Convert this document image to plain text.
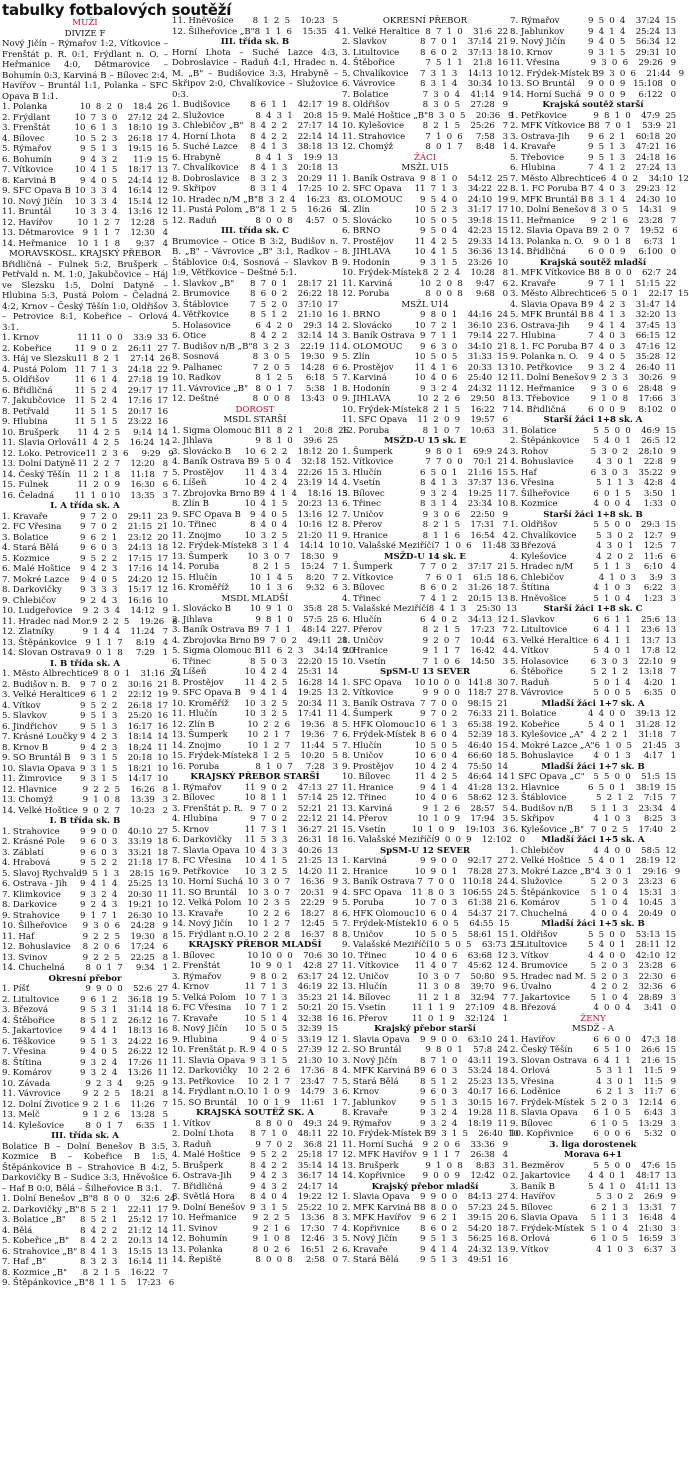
tabulky fotbalových soutěží
MUŽI
DIVIZE F
Nový Jičín – Rýmařov 1:2, Vítkovice – Frenštát p. R. 0:1, Frýdlant n. O. – Heřmanice 4:0, Dětmarovice – Bohumín 0:3, Karviná B – Bílovec 2:4, Havířov – Bruntál 1:1, Polanka – SFC Opava B 1:1.
1. Polanka	10  8  2  0    18:4  26
2. Frýdlant	10  7  3  0    27:12  24
3. Frenštát	10  6  1  3    18:10  19
4. Bílovec	10  5  2  3    26:18  17
5. Rýmařov	9  5  1  3    19:15  16
6. Bohumín	9  4  3  2      11:9  15
7. Vítkovice	10  4  1  5    18:17  13
8. Karviná B	9  4  0  5    24:14  12
9. SFC Opava B 10  3  3  4    16:14  12
10. Nový Jičín	10  3  3  4    15:14  12
11. Bruntál	10  3  3  4    13:16  12
12. Havířov	10  1  2  7    12:28   5
13. Dětmarovice	9  1  1  7    12:30   4
14. Heřmanice	10  1  1  8      9:37   4
MORAVSKOSL. KRAJSKÝ PŘEBOR
Břidličná – Fulnek 5:2, Brušperk – Petřvald n. M. 1:0, Jakubčovice – Háj ve Slezsku 1:5, Dolní Datyně – Hlubina 5:3, Pustá Polom – Čeladná 4:2, Krnov – Český Těšín 1:0, Oldřišov – Petrovice 8:1, Kobeřice – Orlová 3:1.
1. Krnov	11 11  0  0    33:9  33
2. Kobeřice	11  9  0  2    26:11  27
3. Háj ve Slezsku 11  8  2  1    27:14  26
4. Pustá Polom 11  7  1  3    24:18  22
5. Oldřišov	11  6  1  4    27:18  19
6. Břidličná	11  5  2  4    29:17  17
7. Jakubčovice	11  5  2  4    17:16  17
8. Petřvald	11  5  1  5    20:17  16
9. Hlubina	11  5  1  5    23:22  16
10. Brušperk	11  4  2  5     9:14  14
11. Slavia Orlová 11  4  2  5    16:24  14
12. Loko. Petrovice 11  2  3  6     9:29   9
13. Dolní Datyně 11  2  2  7    12:20   8
14. Český Těšín 11  2  1  8    11:18   7
15. Fulnek	11  2  0  9    16:30   6
16. Čeladná	11  1  0 10    13:35   3
I. A třída sk. A
1. Kravaře	9  7  2  0    29:11  23
2. FC Vřesina	9  7  0  2    21:15  21
3. Bolatice	9  6  2  1    23:12  20
4. Stará Bělá	9  6  0  3    24:13  18
5. Kozmice	9  5  2  2    17:15  17
6. Malé Hoštice	9  4  2  3    17:16  14
7. Mokré Lazce	9  4  0  5    24:20  12
8. Darkovičky	9  3  3  3    15:17  12
9. Chlebičov	9  2  4  3    16:16  10
10. Ludgeřovice	9  2  3  4    14:12   9
11. Hradec nad Mor. 9  2  2  5    19:26   8
12. Zlatníky	9  1  4  4    11:24   7
13. Štěpánkovice 9  1  1  7     8:19   4
14. Slovan Ostrava 9  0  1  8     7:29   1
I. B třída sk. A
1. Město Albrechtice 9  8  0  1    31:16  24
2. Budišov n. B.	9  7  0  2    30:16  21
3. Velké Heraltice 9  6  1  2    22:12  19
4. Vítkov	9  5  2  2    26:18  17
5. Slavkov	9  5  1  3    25:20  16
6. Jindřichov	9  5  1  3    16:17  16
7. Krásné Loučky 9  4  2  3    18:14  14
8. Krnov B	9  4  2  3    18:24  11
9. SO Bruntál B	9  3  1  5    20:18  10
10. Slavia Opava 9  3  1  5    18:21  10
11. Žimrovice	9  3  1  5    14:17  10
12. Hlavnice	9  2  2  5    16:26   8
13. Chomýž	9  1  0  8    13:39   3
14. Velké Hoštice 9  0  2  7    10:23   2
I. B třída sk. B
1. Strahovice	9  9  0  0    40:10  27
2. Krásné Pole	9  6  0  3    33:19  18
3. Záblatí	9  6  0  3    33:21  18
4. Hrabová	9  5  2  2    21:18  17
5. Slavoj Rychvald 9  5  1  3    28:15  16
6. Ostrava - Jih	9  4  1  4    25:25  13
7. Klimkovice	9  3  2  4    20:30  11
8. Darkovice	9  2  4  3    19:21  10
9. Strahovice	9  1  7  1    26:30  10
10. Šilheřovice	9  3  0  6    24:28   9
11. Haf	9  2  2  5    19:30   8
12. Bohuslavice	8  2  0  6    17:24   6
13. Svinov	9  2  2  5    22:25   8
14. Chuchelná	8  0  1  7     9:34   1
Okresní přebor
1. Píšť	9  9  0  0    52:6  27
2. Litultovice	9  6  1  2    36:18  19
3. Březová	9  5  3  1    31:14  18
4. Štěbořice	8  5  1  2    26:12  16
5. Jakartovice	9  4  4  1    18:13  16
6. Těškovice	9  5  1  3    24:22  16
7. Vřesina	9  4  0  5    26:22  12
8. Štítina	9  3  2  4    17:26  11
9. Komárov	9  3  2  4    13:26  11
10. Závada	9  2  3  4     9:25   9
11. Vávrovice	9  2  2  5    18:21   8
12. Dolní Životice 9  2  1  6    11:26   7
13. Melč	9  1  2  6    13:28   5
14. Kylešovice	8  0  1  7     6:35   1
III. třída sk. A
Bolatice B – Dolní Benešov B 3:5, Kozmice B – Kobeřice B 1:5, Štěpánkovice B – Strahovice B 4:2, Darkovičky B – Sudice 3:3, Hněvošice – Haf B 0:0, Bělá – Šilheřovice B 3:1.
1. Dolní Benešov „B" 8  8  0  0    32:6  24
2. Darkovičky „B" 8  5  2  1    22:11  17
3. Bolatice „B"	8  5  2  1    25:12  17
4. Bělá	8  4  2  2    21:12  14
5. Kobeřice „B"	8  4  2  2    20:13  14
6. Strahovice „B" 8  4  1  3    15:15  13
7. Haf „B"	8  3  2  3    16:14  11
8. Kozmice „B"	8  2  1  5    16:22   7
9. Štěpánkovice „B" 8  1  1  5    17:23   6
11. Hněvošice	8  1  2  5    10:23   5
12. Šilheřovice „B" 8  1  1  6    15:35   4
III. třída sk. B
Horní Lhota – Suché Lazce 4:3, Dobroslavice – Raduň 4:1, Hradec n. M. „B" – Budišovice 3:3, Hrabyně – Skřipov 2:0, Chvalíkovice – Služovice 0:3.
1. Budišovice	8  6  1  1    42:17  19
2. Služovice	8  4  3  1    20:8  15
3. Chlebičov „B" 8  4  2  2    27:17  14
4. Horní Lhota	8  4  2  2    22:14  14
5. Suché Lazce	8  4  1  3    38:18  13
6. Hrabyně	8  4  1  3    19:9  13
7. Chvalíkovice	8  4  1  3    20:18  13
8. Dobroslavice	8  3  2  3    20:29  11
9. Skřipov	8  3  1  4    17:25  10
10. Hradec n/M „B" 8  3  2  4    16:23   8
11. Pustá Polom „B" 8  1  2  5    16:26   5
12. Raduň	8  0  0  8     4:57   0
III. třída sk. C
Brumovice – Otice B 3:2, Budišov n. B. „B" – Vávrovice „B" 3:1, Radkov – Štáblovice 0:4, Sosnová – Slavkov B 1:9, Větřkovice – Deštné 5:1.
1. Slavkov „B"	8  7  0  1    28:17  21
2. Brumovice	8  6  0  2    26:22  18
3. Štáblovice	7  5  2  0    37:10  17
4. Větřkovice	8  5  1  2    21:10  16
5. Holasovice	6  4  2  0    29:3  14
6. Otice	8  4  2  2    32:14  14
7. Budišov n/B „B" 8  3  2  3    22:19  11
8. Sosnová	8  3  0  5    19:30   9
9. Palhanec	7  2  0  5    14:28   6
10. Radkov	8  1  2  5     6:18   5
11. Vávrovice „B" 8  0  1  7     5:38   1
12. Deštné	8  0  0  8    13:43   0
DOROST
MSDL STARŠÍ
1. Sigma Olomouc B 11  8  2  1    20:8  26
2. Jihlava	9  8  1  0    39:6  25
3. Slovácko B	10  6  2  2    18:12  20
4. Baník Ostrava B 9  5  0  4    32:18  15
5. Prostějov	11  4  3  4    22:26  15
6. Líšeň	10  4  2  4    23:19  14
7. Zbrojovka Brno B 9  4  1  4    18:16  13
8. Zlín B	10  4  1  5    20:23  13
9. SFC Opava B	9  4  0  5    13:16  12
10. Třinec	8  4  0  4    10:16  12
11. Znojmo	10  3  2  5    21:20  11
12. Frýdek-Místek 8  3  1  4    14:14  10
13. Šumperk	10  3  0  7    18:30   9
14. Poruba	8  2  1  5    15:24   7
15. Hlučín	10  1  4  5     8:20   7
16. Kroměříž	10  1  3  6     9:32   6
MSDL MLADŠÍ
1. Slovácko B	10  9  1  0    35:8  28
2. Jihlava	9  8  1  0    57:5  25
3. Baník Ostrava B 9  7  1  1    48:14  22
4. Zbrojovka Brno B 9  7  0  2    49:11  21
5. Sigma Olomouc B 11  6  2  3    34:14  20
6. Třinec	8  5  0  3    22:20  15
7. Líšeň	10  4  2  4    25:31  14
8. Prostějov	11  4  2  5    16:28  14
9. SFC Opava B	9  4  1  4    19:25  13
10. Kroměříž	10  3  2  5    20:34  11
11. Hlučín	10  3  2  5    17:41  11
12. Zlín B	10  2  2  6    19:36   8
13. Šumperk	10  2  1  7    19:36   7
14. Znojmo	10  1  2  7    11:44   5
15. Frýdek-Místek 8  1  2  5    10:20   5
16. Poruba	8  1  0  7     7:28   3
KRAJSKÝ PŘEBOR STARŠÍ
1. Rýmařov	11  9  0  2    47:13  27
2. Bílovec	10  8  1  1    57:14  25
3. Frenštát p. R. 9  7  0  2    52:21  21
4. Hlubina	9  7  0  2    22:12  21
5. Krnov	11  7  3  1    36:27  21
6. Darkovičky	11  5  3  3    26:31  18
7. Slavia Opava 10  4  3  3    40:26  13
8. FC Vřesina	10  4  1  5    21:25  13
9. Petřkovice	10  3  2  5    14:20  11
10. Horní Suchá 10  3  0  7    16:36   9
11. SO Bruntál	10  3  0  7    20:31   9
12. Velká Polom 10  2  3  5    22:29   9
13. Kravaře	10  2  2  6    18:27   8
14. Nový Jičín	10  1  2  7    12:45   5
15. Frýdlant n.O. 10  2  2  8    16:37   8
KRAJSKÝ PŘEBOR MLADŠÍ
1. Bílovec	10 10  0  0    70:6  30
2. Frenštát	10  9  0  1    42:8  27
3. Rýmařov	9  8  0  2    63:17  24
4. Krnov	11  7  1  3    46:19  22
5. Velká Polom	10  7  1  3    35:23  21
6. FC Vřesina	10  7  1  2    50:21  20
7. Kravaře	10  5  1  4    32:38  16
8. Nový Jičín	10  5  0  5    32:39  15
9. Hlubina	9  4  0  5    33:19  12
10. Frenštát p. R. 9  4  0  5    27:39  12
11. Slavia Opava 9  3  1  5    21:30  10
12. Darkovičky	10  2  2  6    17:36   8
13. Petřkovice	10  2  1  7    23:47   7
14. Frýdlant n.O. 10  1  0  9    14:79   3
15. SO Bruntál	10  0  1  9    11:61   1
KRAJSKÁ SOUTĚŽ SK. A
1. Vítkov	8  8  0  0    49:3  24
2. Dolní Lhota	8  7  1  0    48:11  22
3. Raduň	9  7  0  2    36:8  21
4. Malé Hoštice	9  5  2  2    25:18  17
5. Brušperk	8  4  2  2    35:14  14
6. Ostrava-Jih	9  4  2  3    36:17  14
7. Břidličná	9  4  3  2    24:17  14
8. Světlá Hora	8  4  0  4    19:22  12
9. Dolní Benešov 9  3  1  5    25:22  10
10. Heřmanice	9  2  2  5    13:36   8
11. Svinov	9  2  1  6    17:30   7
12. Bohumín	9  1  0  8    12:46   3
13. Polanka	8  0  2  6    16:51   2
14. Řepiště	8  0  0  8     2:58   0
OKRESNÍ PŘEBOR
1. Velké Heraltice 8  7  1  0    31:6  22
2. Slavkov	8  7  0  1    37:14  21
3. Litultovice	8  6  0  2    37:13  18
4. Štěbořice	7  5  1  1    21:8  16
5. Chvalíkovice	7  3  1  3    14:13  10
6. Vávrovice	8  3  1  4    30:34  10
7. Bolatice	7  3  0  4    41:14   9
8. Oldřišov	8  3  0  5    27:28   9
9. Malé Hoštice „B" 8  3  0  5    20:36   9
10. Kylešovice	8  2  1  5    25:26   7
11. Strahovice	7  1  0  6     7:58   3
12. Chomýž	8  0  1  7     8:48   1
ŽÁCI
MSŽL U15
1. Baník Ostrava 9  8  1  0    54:12  25
2. SFC Opava	11  7  1  3    34:22  22
3. OLOMOUC	9  5  4  0    24:10  19
4. Zlín	10  5  2  3    31:17  17
5. Slovácko	10  5  0  5    39:18  15
6. BRNO	9  5  0  4    42:23  15
7. Prostějov	11  4  2  5    29:33  14
8. JIHLAVA	10  4  1  5    36:36  13
9. Hodonín	9  3  1  5    23:26  10
10. Frýdek-Místek 8  2  2  4    10:28   8
11. Karviná	10  2  0  8     9:47   6
12. Poruba	8  0  0  8     9:68   0
MSŽL U14
1. BRNO	9  8  0  1    44:16  24
2. Slovácko	10  7  2  1    36:10  23
3. Baník Ostrava 9  7  1  1    79:14  22
4. OLOMOUC	9  6  3  0    34:10  21
5. Zlín	10  5  0  5    31:33  15
6. Prostějov	11  4  1  6    20:33  13
7. Karviná	10  4  0  6    25:40  12
8. Hodonín	9  3  2  4    24:32  11
9. JIHLAVA	10  2  2  6    29:50   8
10. Frýdek-Místek 8  2  1  5    16:22   7
11. SFC Opava	11  2  0  9    19:57   6
12. Poruba	8  1  0  7    10:63   3
MSŽD-U 15 sk. E
1. Šumperk	9  8  0  1    69:9  24
2. Vítkovice	7  7  0  0    70:1  21
3. Hlučín	6  5  0  1    21:16  15
4. Vsetín	8  4  1  3    37:37  13
5. Bílovec	9  3  2  4    19:25  11
6. Třinec	8  3  1  4    23:34  10
7. Uničov	9  3  0  6    22:50   9
8. Přerov	8  2  1  5    17:31   7
9. Hranice	8  1  1  6    16:54   4
10. Valašské Meziříčí 7  1  0  6    11:48   3
MSŽD-U 14 sk. E
1. Šumperk	7  7  0  2    37:17  21
2. Vítkovice	7  6  0  1    61:5  18
3. Bílovec	8  6  0  2    31:26  18
4. Třinec	7  4  1  2    20:15  13
5. Valašské Meziříčí 8  4  1  3    25:30  13
6. Hlučín	6  4  0  2    34:13  12
7. Přerov	8  2  1  5    17:23   7
8. Uničov	9  2  0  7    10:44   6
9. Hranice	9  1  1  7    16:42   4
10. Vsetín	7  1  0  6    14:50   3
SpSM-U 13 SEVER
1. SFC Opava	10 10  0  0   141:8  30
2. Vítkovice	9  9  0  0   118:7  27
3. Baník Ostrava 7  7  0  0    98:15  21
4. Šumperk	9  7  0  2    76:33  21
5. HFK Olomouc 10  6  1  3    65:38  19
6. Frýdek-Místek 8  6  0  4    52:39  18
7. Hlučín	10  5  0  5    46:40  15
8. Uničov	10  6  0  4    66:60  18
9. Prostějov	10  4  2  4    75:50  14
10. Bílovec	11  4  2  5    46:64  14
11. Hranice	9  4  1  4    41:28  13
12. Třinec	10  4  0  6    58:62  12
13. Karviná	9  1  2  6    28:57   5
14. Přerov	10  1  0  9    17:94   3
15. Vsetín	10  1  0  9    19:103   3
16. Valašské Meziříčí 9  0  0  9    12:102   0
SpSM-U 12 SEVER
1. Karviná	9  9  0  0    92:17  27
2. Hranice	10  9  0  1    78:28  27
3. Baník Ostrava 7  7  0  0   110:18  24
4. SFC Opava	11  8  0  3   106:55  24
5. Poruba	10  7  0  3    61:38  21
6. HFK Olomouc 10  6  0  4    54:37  21
7. Frýdek-Místek 10  6  0  5    64:55  15
8. Uničov	10  5  0  5    58:61  15
9. Valašské Meziříčí 10  5  0  5    63:73  15
10. Třinec	10  4  0  6    63:68  12
11. Vítkovice	11  4  0  7    45:62  12
12. Uničov	10  3  0  7    50:80   9
13. Hlučín	11  3  0  8    39:70   9
14. Bílovec	11  2  1  8    32:94   7
15. Vsetín	11  1  1  9    27:109   4
16. Přerov	11  0  1  9    32:124   1
Krajský přebor starší
1. Slavia Opava	9  9  0  0    63:10  24
2. SO Bruntál	9  8  0  1    57:8  24
3. Nový Jičín	8  7  1  0    43:11  19
4. MFK Karviná B 9  6  0  3    53:24  18
5. Stará Bělá	8  5  1  2    25:23  13
6. Krnov	9  6  0  3    40:17  16
7. Jablunkov	9  5  1  3    30:15  16
8. Kravaře	9  3  2  4    19:28  11
9. Rýmařov	9  3  2  4    18:19  11
10. Frýdek-Místek B 9  3  1  5    26:40  10
11. Horní Suchá	9  2  0  6    33:36   9
12. MFK Havířov 9  1  1  7    26:38   4
13. Brušperk	9  1  0  8     8:83   3
14. Kopřivnice	9  0  0  9    12:42   0
Krajský přebor mladší
1. Slavia Opava	9  9  0  0    84:13  27
2. MFK Karviná B 8  8  0  0    57:23  24
3. MFK Havířov	9  6  2  1    39:15  20
4. Kopřivnice	8  6  0  2    54:20  18
5. Nový Jičín	9  5  1  3    56:25  16
6. Kravaře	9  4  1  4    24:32  13
7. Stará Bělá	9  5  1  3    49:51  16
7. Rýmařov	9  5  0  4    37:24  15
8. Jablunkov	9  4  1  4    25:24  13
9. Nový Jičín	9  4  0  5    56:34  12
10. Krnov	9  3  1  5    29:31  10
11. Vřesina	9  3  0  6    29:26   9
12. Frýdek-Místek B 9  3  0  6    21:44   9
13. SO Bruntál	9  0  0  9   15:108   0
14. Horní Suchá 9  0  0  9     6:122   0
Krajská soutěž starší
1. Petřkovice	9  8  1  0    47:9  25
2. MFK Vítkovice B 8  7  0  1    53:9  21
3. Ostrava-Jih	9  6  2  1    60:18  20
4. Kravaře	9  5  1  3    47:21  16
5. Třebovice	9  5  1  3    24:18  16
6. Hlubina	7  4  1  2    27:24  13
7. Město Albrechtice 6  4  0  2    34:10  12
8. 1. FC Poruba B 7  4  0  3    29:23  12
9. MFK Bruntál B 8  3  1  4    24:30  10
10. Dolní Benešov 8  3  0  5    14:31   9
11. Heřmanice	9  2  1  6    23:28   7
12. Slavia Opava B 9  2  0  7    19:52   6
13. Polanka n. O.	9  0  1  8     6:73   1
14. Břidličná	6  0  0  9     6:100   0
Krajská soutěž mladší
1. MFK Vítkovice B 8  8  0  0    62:7  24
2. Kravaře	9  7  1  1    51:15  22
3. Město Albrechtice 6  5  0  1    22:17  15
4. Slavia Opava B 9  4  2  3    31:47  14
5. MFK Bruntál B 8  4  1  3    32:20  13
6. Ostrava-Jih	9  4  1  4    37:45  13
7. Hlubina	7  4  0  3    66:15  12
8. 1. FC Poruba B 7  4  0  3    47:16  12
9. Polanka n. O.	9  4  0  5    35:28  12
10. Petřkovice	9  3  2  4    26:40  11
11. Dolní Benešov 9  2  3  3    30:26   9
12. Heřmanice	9  3  0  6    28:48   9
13. Třebovice	9  1  0  8    17:66   3
14. Břidličná	6  0  0  9     8:102   0
Starší žáci 1+8 sk. A
1. Bolatice	5  5  0  0    46:9  15
2. Štěpánkovice	5  4  0  1    26:5  12
3. Rohov	5  3  0  2    28:10   9
4. Bohuslavice	4  3  0  1    22:8   9
5. Haf	6  3  0  3    35:22   9
6. Vřesina	5  1  1  3    42:8   4
7. Šilheřovice	6  0  1  5     3:50   1
8. Kozmice	4  0  0  4     1:33   0
Starší žáci 1+8 sk. B
1. Oldřišov	5  5  0  0    29:3  15
2. Chvalíkovice	5  3  0  2    12:7   9
3. Březová	4  3  0  1    12:5   7
4. Kylešovice	4  2  0  2    11:6   6
5. Hradec n/M	5  1  1  3     6:10   4
6. Chlebičov	4  1  0  3     3:9   3
7. Štítina	4  1  0  3     6:22   3
8. Hněvošice	5  1  0  4     1:23   3
Starší žáci 1+8 sk. C
1. Slavkov	6  6  1  1    25:6  13
2. Litultovice	6  4  1  1    23:6  13
3. Velké Heraltice 6  4  1  1    13:7  13
4. Vítkov	5  4  0  1    17:8  12
5. Holasovice	6  3  0  3    22:10   9
6. Štěbořice	5  2  1  2    13:18   7
7. Raduň	5  0  1  4     4:20   1
8. Vávrovice	5  0  0  5     6:35   0
Mladší žáci 1+7 sk. A
1. Bolatice	4  4  0  0    39:13  12
2. Kobeřice	5  4  0  1    31:28  12
3. Kylešovice „A" 4  2  2  1    31:18   7
4. Mokré Lazce „A" 6  1  0  5    21:45   3
5. Bohuslavice	4  0  1  3     4:17   1
Mladší žáci 1+7 sk. B
1 SFC Opava „C" 5  5  0  0    51:5  15
2. Hlavnice	6  5  0  1    38:19  15
3. Štáblovice	5  2  1  2    7:15   7
4. Budišov n/B	5  1  1  3    23:34   4
5. Skřipov	4  1  0  3     8:25   3
6. Kylešovice „B" 7  0  2  5    17:40   2
Mladší žáci 1+5 sk. A
1. Chlebičov	4  4  0  0    58:5  12
2. Velké Hoštice 5  4  0  1    28:19  12
3. Mokré Lazce „B" 4  3  0  1    29:16   9
4. Služovice	5  2  0  3    23:23   6
5. Štěpánkovice	5  1  0  4    15:31   3
6. Komárov	5  1  0  4    10:45   3
7. Chuchelná	4  0  0  4    20:49   0
Mladší žáci 1+5 sk. B
1. Oldřišov	5  5  0  0    53:13  15
2. Litultovice	5  4  0  1    28:11  12
3. Vítkov	4  4  0  0    42:10  12
4. Brumovice	5  2  0  3    23:28   6
5. Hradec nad M. 5  2  0  3    22:30   6
6. Úvalno	4  2  0  2    32:36   6
7. Jakartovice	5  1  0  4    28:89   3
8. Březová	4  0  0  4     3:41   0
ŽENY
MSDŽ - A
1. Havířov	6  6  0  0    47:3  18
2. Český Těšín	6  5  1  0    26:6  15
3. Slovan Ostrava 6  4  1  1    21:6  15
4. Orlová	5  3  1  1    11:5   9
5. Vřesina	4  3  0  1    11:5   9
6. Loděnice	6  2  1  3    11:7   6
7. Frýdek-Místek 5  2  0  3    12:14   6
8. Slavia Opava	6  1  0  5     6:43   3
9. Bílovec	6  1  0  5    13:29   3
10. Kopřivnice	6  0  0  6     5:32   0
3. liga dorostenek
Morava 6+1
1. Bezměrov	5  5  0  0    47:6  15
2. Jakartovice	4  4  0  1    48:17  13
3. Baník B	5  4  1  0    41:11  13
4. Havířov	5  3  0  2    26:9   9
5. Bílovec	6  2  1  3    13:31   7
6. Slavia Opava	5  1  1  3    16:48   4
7. Frýdek-Místek 5  1  0  4    21:30   3
8. Orlová	6  1  0  5    16:59   3
9. Vítkov	4  1  0  3    6:37   3
